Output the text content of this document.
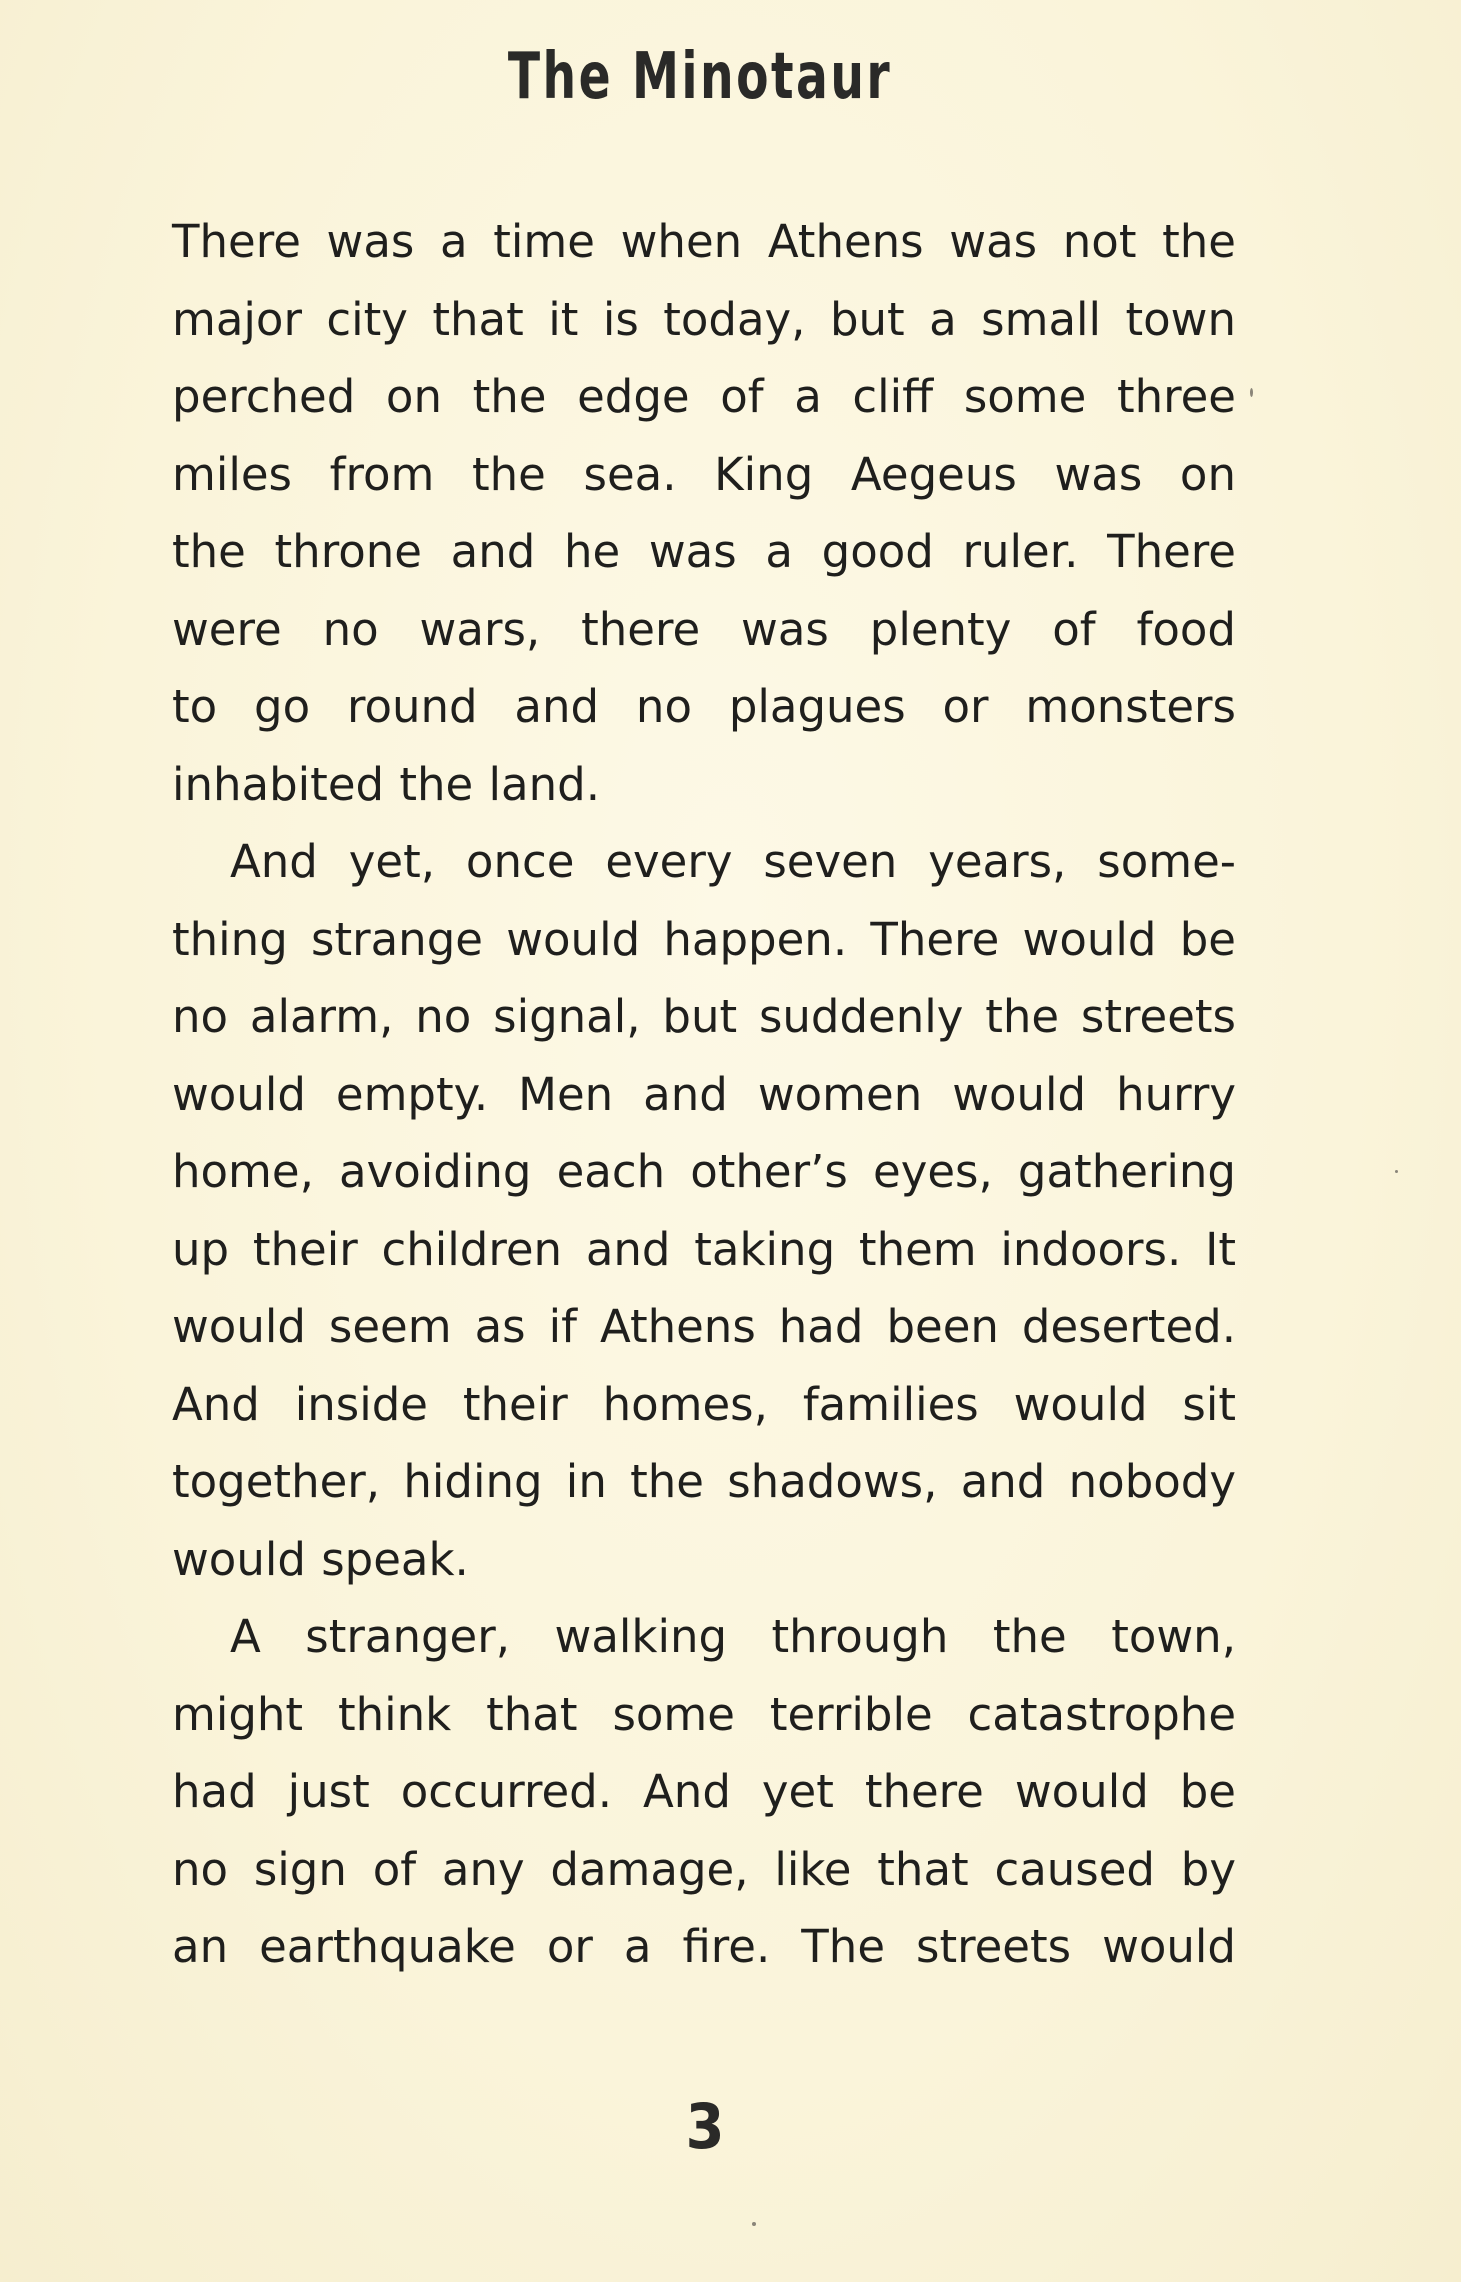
The Minotaur

There was a time when Athens was not the
major city that it is today, but a small town
perched on the edge of a cliff some three
miles from the sea. King Aegeus was on
the throne and he was a good ruler. There
were no wars, there was plenty of food
to go round and no plagues or monsters
inhabited the land.

And yet, once every seven years, some-
thing strange would happen. There would be
no alarm, no signal, but suddenly the streets
would empty. Men and women would hurry
home, avoiding each other’s eyes, gathering
up their children and taking them indoors. It
would seem as if Athens had been deserted.
And inside their homes, families would sit
together, hiding in the shadows, and nobody
would speak.

A stranger, walking through the town,
might think that some terrible catastrophe
had just occurred. And yet there would be
no sign of any damage, like that caused by
an earthquake or a fire. The streets would

3
